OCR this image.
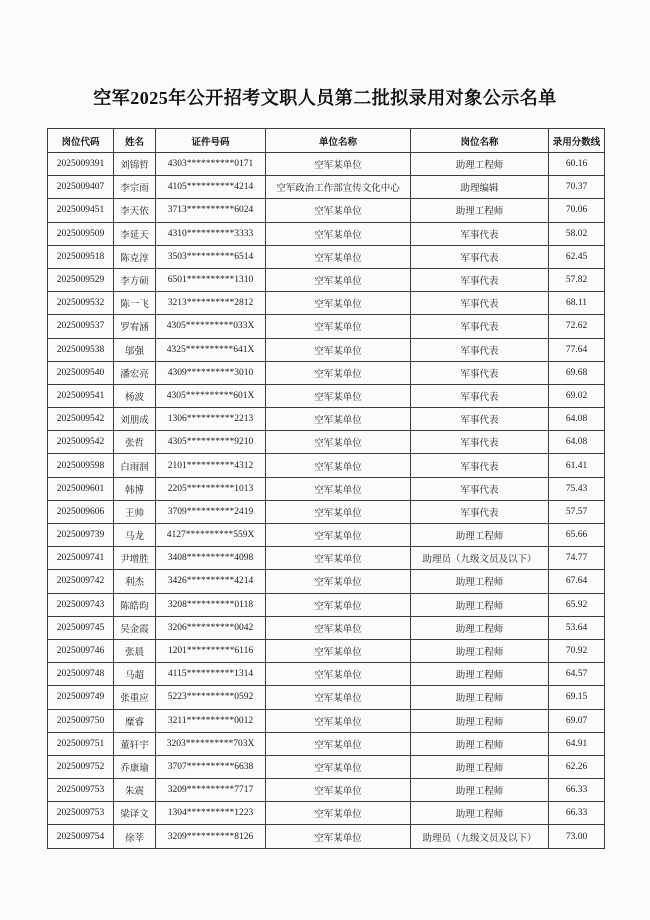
空军2025年公开招考文职人员第二批拟录用对象公示名单
岗位代码	姓名	证件号码	单位名称	岗位名称	录用分数线
2025009391	刘锦哲	4303**********0171	空军某单位	助理工程师	60.16
2025009407	李宗雨	4105**********4214	空军政治工作部宣传文化中心	助理编辑	70.37
2025009451	李天依	3713**********6024	空军某单位	助理工程师	70.06
2025009509	李延天	4310**********3333	空军某单位	军事代表	58.02
2025009518	陈克淳	3503**********6514	空军某单位	军事代表	62.45
2025009529	李方硕	6501**********1310	空军某单位	军事代表	57.82
2025009532	陈一飞	3213**********2812	空军某单位	军事代表	68.11
2025009537	罗宥涵	4305**********033X	空军某单位	军事代表	72.62
2025009538	邬强	4325**********641X	空军某单位	军事代表	77.64
2025009540	潘宏亮	4309**********3010	空军某单位	军事代表	69.68
2025009541	杨波	4305**********601X	空军某单位	军事代表	69.02
2025009542	刘朋成	1306**********2213	空军某单位	军事代表	64.08
2025009542	张哲	4305**********9210	空军某单位	军事代表	64.08
2025009598	白雨润	2101**********4312	空军某单位	军事代表	61.41
2025009601	韩博	2205**********1013	空军某单位	军事代表	75.43
2025009606	王帅	3709**********2419	空军某单位	军事代表	57.57
2025009739	马龙	4127**********559X	空军某单位	助理工程师	65.66
2025009741	尹增胜	3408**********4098	空军某单位	助理员（九级文员及以下）	74.77
2025009742	利杰	3426**********4214	空军某单位	助理工程师	67.64
2025009743	陈皓昀	3208**********0118	空军某单位	助理工程师	65.92
2025009745	吴金霞	3206**********0042	空军某单位	助理工程师	53.64
2025009746	张晨	1201**********6116	空军某单位	助理工程师	70.92
2025009748	马超	4115**********1314	空军某单位	助理工程师	64.57
2025009749	张重应	5223**********0592	空军某单位	助理工程师	69.15
2025009750	糜睿	3211**********0012	空军某单位	助理工程师	69.07
2025009751	董轩宇	3203**********703X	空军某单位	助理工程师	64.91
2025009752	乔康瑜	3707**********6638	空军某单位	助理工程师	62.26
2025009753	朱震	3209**********7717	空军某单位	助理工程师	66.33
2025009753	梁译文	1304**********1223	空军某单位	助理工程师	66.33
2025009754	徐莘	3209**********8126	空军某单位	助理员（九级文员及以下）	73.00
